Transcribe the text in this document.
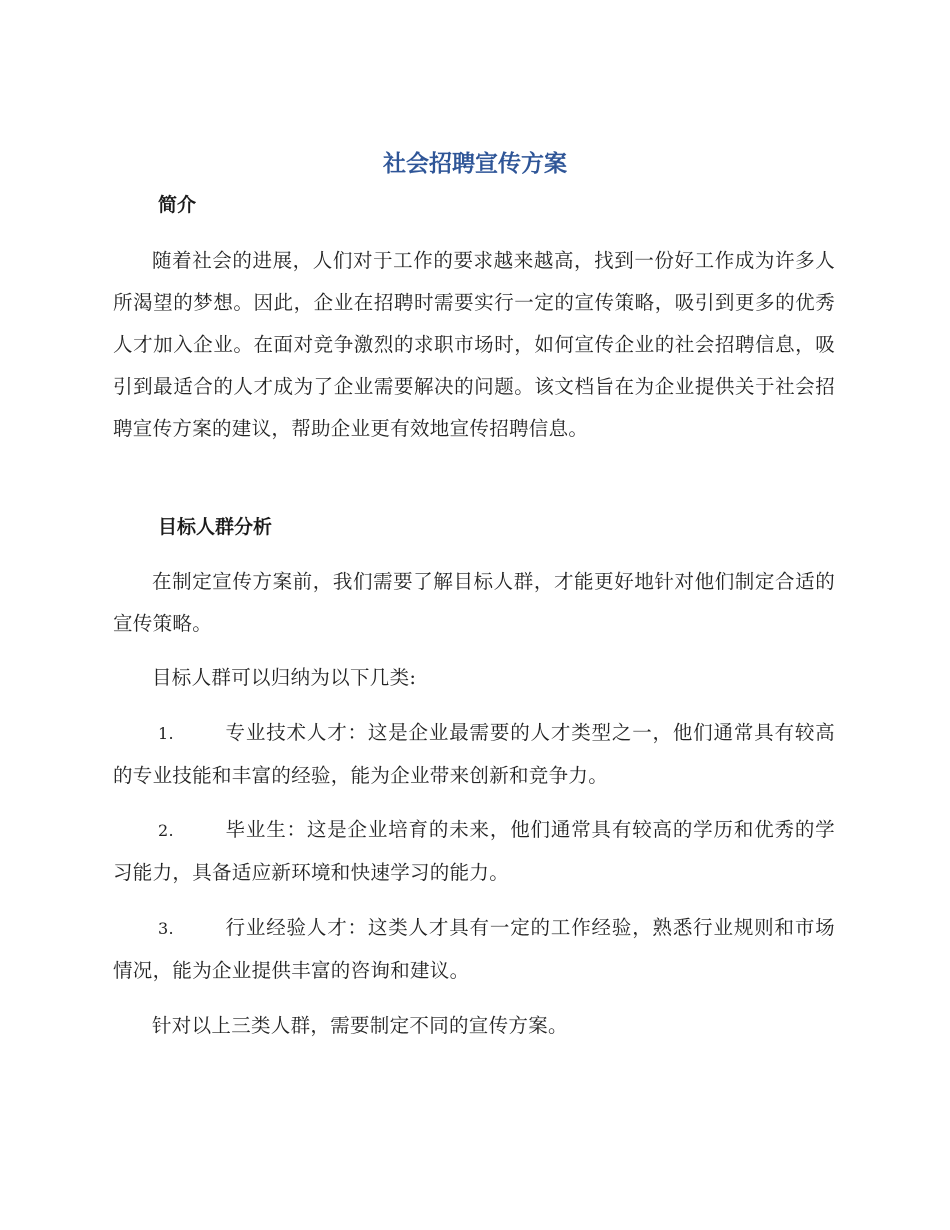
社会招聘宣传方案
简介

随着社会的进展，人们对于工作的要求越来越高，找到一份好工作成为许多人所渴望的梦想。因此，企业在招聘时需要实行一定的宣传策略，吸引到更多的优秀人才加入企业。在面对竞争激烈的求职市场时，如何宣传企业的社会招聘信息，吸引到最适合的人才成为了企业需要解决的问题。该文档旨在为企业提供关于社会招聘宣传方案的建议，帮助企业更有效地宣传招聘信息。

目标人群分析

在制定宣传方案前，我们需要了解目标人群，才能更好地针对他们制定合适的宣传策略。

目标人群可以归纳为以下几类:

1.	专业技术人才：这是企业最需要的人才类型之一，他们通常具有较高的专业技能和丰富的经验，能为企业带来创新和竞争力。

2.	毕业生：这是企业培育的未来，他们通常具有较高的学历和优秀的学习能力，具备适应新环境和快速学习的能力。

3.	行业经验人才：这类人才具有一定的工作经验，熟悉行业规则和市场情况，能为企业提供丰富的咨询和建议。

针对以上三类人群，需要制定不同的宣传方案。
